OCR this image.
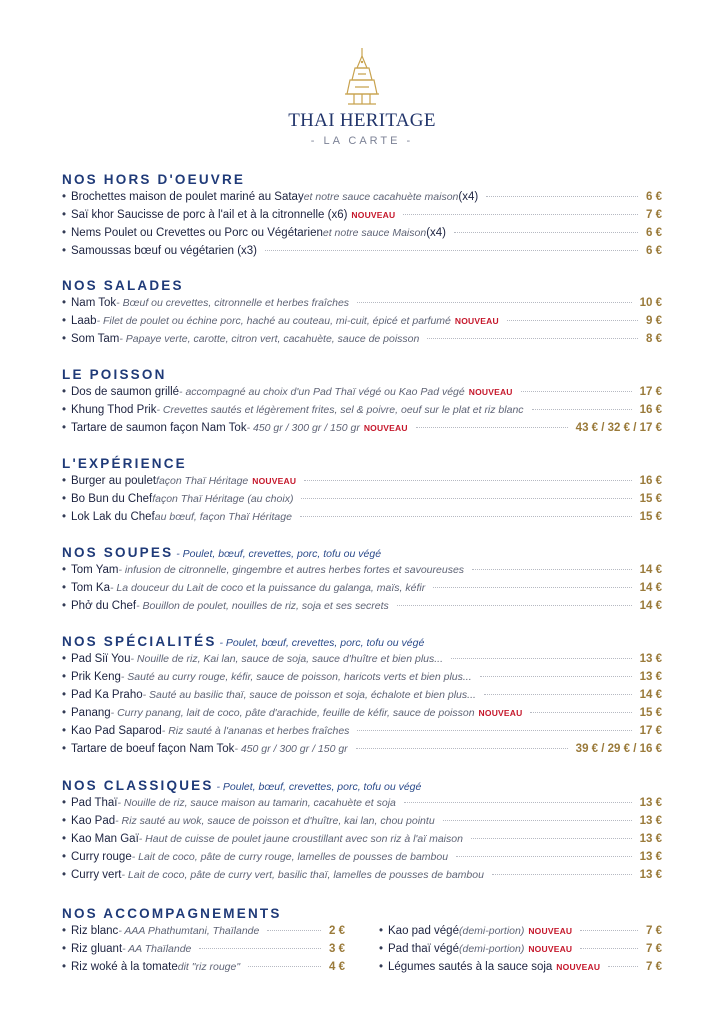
THAI HERITAGE
- LA CARTE -
NOS HORS D'OEUVRE
• Brochettes maison de poulet mariné au Satay et notre sauce cacahuète maison (x4)	6 €
• Saï khor Saucisse de porc à l'ail et à la citronnelle (x6) NOUVEAU	7 €
• Nems Poulet ou Crevettes ou Porc ou Végétarien et notre sauce Maison (x4)	6 €
• Samoussas bœuf ou végétarien (x3)	6 €
NOS SALADES
• Nam Tok - Bœuf ou crevettes, citronnelle et herbes fraîches	10 €
• Laab - Filet de poulet ou échine porc, haché au couteau, mi-cuit, épicé et parfumé NOUVEAU	9 €
• Som Tam - Papaye verte, carotte, citron vert, cacahuète, sauce de poisson	8 €
LE POISSON
• Dos de saumon grillé - accompagné au choix d'un Pad Thaï végé ou Kao Pad végé NOUVEAU	17 €
• Khung Thod Prik - Crevettes sautés et légèrement frites, sel & poivre, oeuf sur le plat et riz blanc	16 €
• Tartare de saumon façon Nam Tok - 450 gr / 300 gr / 150 gr NOUVEAU	43 € / 32 € / 17 €
L'EXPÉRIENCE
• Burger au poulet façon Thaï Héritage NOUVEAU	16 €
• Bo Bun du Chef façon Thaï Héritage (au choix)	15 €
• Lok Lak du Chef au bœuf, façon Thaï Héritage	15 €
NOS SOUPES - Poulet, bœuf, crevettes, porc, tofu ou végé
• Tom Yam - infusion de citronnelle, gingembre et autres herbes fortes et savoureuses	14 €
• Tom Ka - La douceur du Lait de coco et la puissance du galanga, maïs, kéfir	14 €
• Phở du Chef - Bouillon de poulet, nouilles de riz, soja et ses secrets	14 €
NOS SPÉCIALITÉS - Poulet, bœuf, crevettes, porc, tofu ou végé
• Pad Siï You - Nouille de riz, Kai lan, sauce de soja, sauce d'huître et bien plus...	13 €
• Prik Keng - Sauté au curry rouge, kéfir, sauce de poisson, haricots verts et bien plus...	13 €
• Pad Ka Praho - Sauté au basilic thaï, sauce de poisson et soja, échalote et bien plus...	14 €
• Panang - Curry panang, lait de coco, pâte d'arachide, feuille de kéfir, sauce de poisson NOUVEAU	15 €
• Kao Pad Saparod - Riz sauté à l'ananas et herbes fraîches	17 €
• Tartare de boeuf façon Nam Tok - 450 gr / 300 gr / 150 gr	39 € / 29 € / 16 €
NOS CLASSIQUES - Poulet, bœuf, crevettes, porc, tofu ou végé
• Pad Thaï - Nouille de riz, sauce maison au tamarin, cacahuète et soja	13 €
• Kao Pad - Riz sauté au wok, sauce de poisson et d'huître, kai lan, chou pointu	13 €
• Kao Man Gaï - Haut de cuisse de poulet jaune croustillant avec son riz à l'aï maison	13 €
• Curry rouge - Lait de coco, pâte de curry rouge, lamelles de pousses de bambou	13 €
• Curry vert - Lait de coco, pâte de curry vert, basilic thaï, lamelles de pousses de bambou	13 €
NOS ACCOMPAGNEMENTS
• Riz blanc - AAA Phathumtani, Thaïlande	2 €
• Riz gluant - AA Thaïlande	3 €
• Riz woké à la tomate dit "riz rouge"	4 €
• Kao pad végé (demi-portion) NOUVEAU	7 €
• Pad thaï végé (demi-portion) NOUVEAU	7 €
• Légumes sautés à la sauce soja NOUVEAU	7 €
